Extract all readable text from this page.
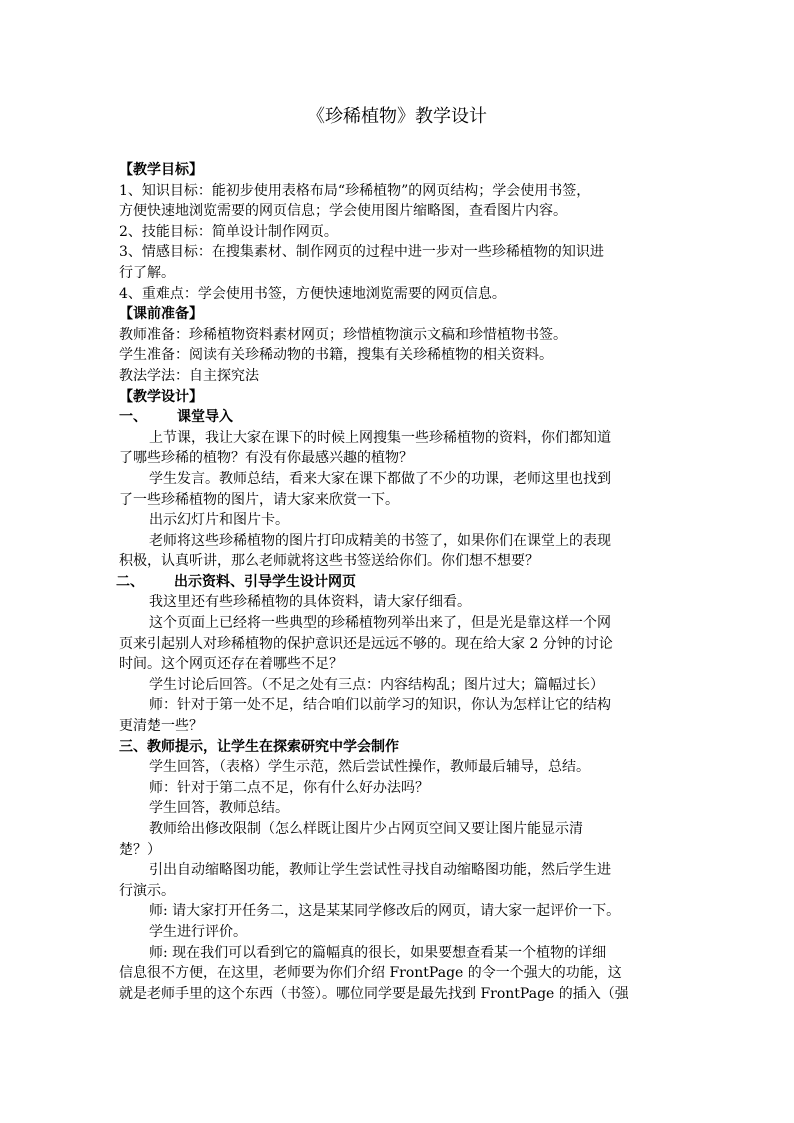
《珍稀植物》教学设计
【教学目标】
1、知识目标：能初步使用表格布局“珍稀植物”的网页结构；学会使用书签，
方便快速地浏览需要的网页信息；学会使用图片缩略图，查看图片内容。
2、技能目标：简单设计制作网页。
3、情感目标：在搜集素材、制作网页的过程中进一步对一些珍稀植物的知识进
行了解。
4、重难点：学会使用书签，方便快速地浏览需要的网页信息。
【课前准备】
教师准备：珍稀植物资料素材网页；珍惜植物演示文稿和珍惜植物书签。
学生准备：阅读有关珍稀动物的书籍，搜集有关珍稀植物的相关资料。
教法学法：自主探究法
【教学设计】
一、 课堂导入
上节课，我让大家在课下的时候上网搜集一些珍稀植物的资料，你们都知道
了哪些珍稀的植物？有没有你最感兴趣的植物？
学生发言。教师总结，看来大家在课下都做了不少的功课，老师这里也找到
了一些珍稀植物的图片，请大家来欣赏一下。
出示幻灯片和图片卡。
老师将这些珍稀植物的图片打印成精美的书签了，如果你们在课堂上的表现
积极，认真听讲，那么老师就将这些书签送给你们。你们想不想要？
二、 出示资料、引导学生设计网页
我这里还有些珍稀植物的具体资料，请大家仔细看。
这个页面上已经将一些典型的珍稀植物列举出来了，但是光是靠这样一个网
页来引起别人对珍稀植物的保护意识还是远远不够的。现在给大家 2 分钟的讨论
时间。这个网页还存在着哪些不足？
学生讨论后回答。（不足之处有三点：内容结构乱；图片过大；篇幅过长）
师：针对于第一处不足，结合咱们以前学习的知识，你认为怎样让它的结构
更清楚一些？
三、教师提示，让学生在探索研究中学会制作
学生回答，（表格）学生示范，然后尝试性操作，教师最后辅导，总结。
师：针对于第二点不足，你有什么好办法吗？
学生回答，教师总结。
教师给出修改限制（怎么样既让图片少占网页空间又要让图片能显示清
楚？）
引出自动缩略图功能，教师让学生尝试性寻找自动缩略图功能，然后学生进
行演示。
师: 请大家打开任务二，这是某某同学修改后的网页，请大家一起评价一下。
学生进行评价。
师: 现在我们可以看到它的篇幅真的很长，如果要想查看某一个植物的详细
信息很不方便，在这里，老师要为你们介绍 FrontPage 的令一个强大的功能，这
就是老师手里的这个东西（书签）。哪位同学要是最先找到 FrontPage 的插入（强
